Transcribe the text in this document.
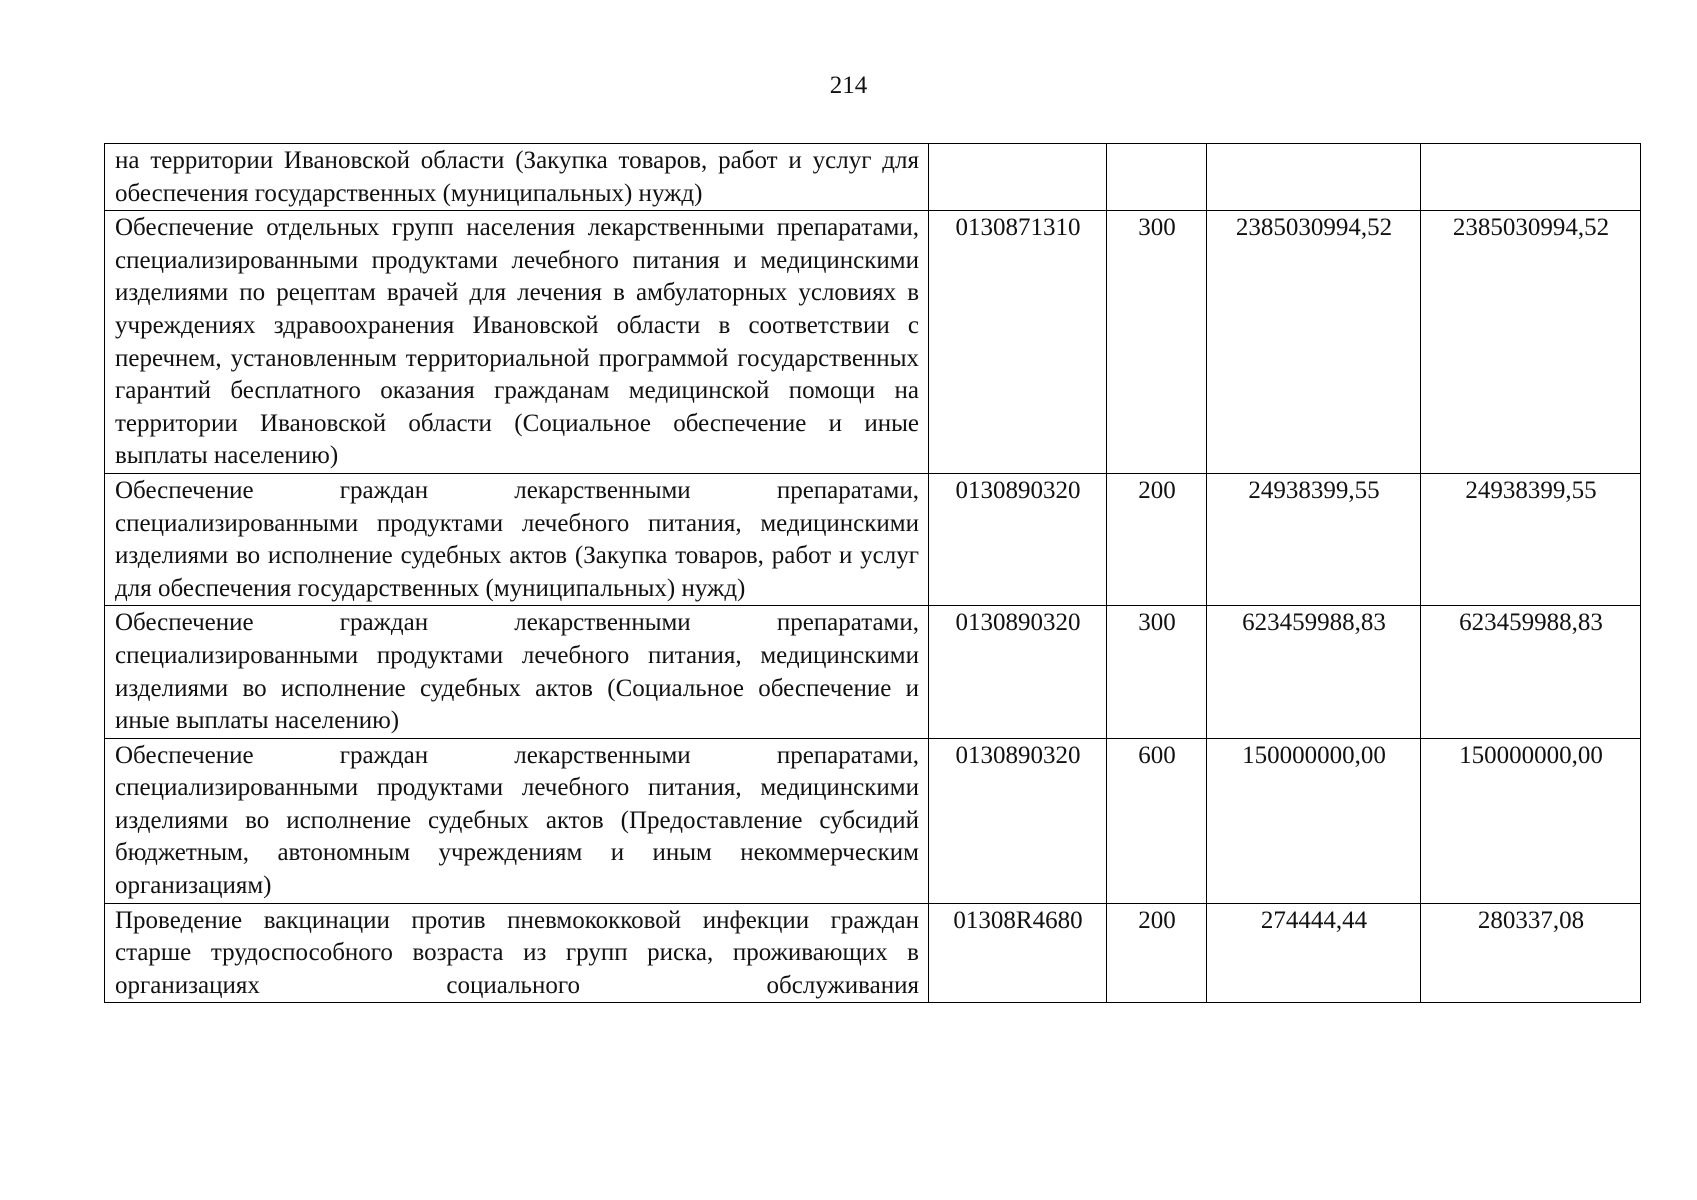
214
на территории Ивановской области (Закупка товаров, работ и услуг для обеспечения государственных (муниципальных) нужд)				
Обеспечение отдельных групп населения лекарственными препаратами, специализированными продуктами лечебного питания и медицинскими изделиями по рецептам врачей для лечения в амбулаторных условиях в учреждениях здравоохранения Ивановской области в соответствии с перечнем, установленным территориальной программой государственных гарантий бесплатного оказания гражданам медицинской помощи на территории Ивановской области (Социальное обеспечение и иные выплаты населению)	0130871310	300	2385030994,52	2385030994,52
Обеспечение граждан лекарственными препаратами, специализированными продуктами лечебного питания, медицинскими изделиями во исполнение судебных актов (Закупка товаров, работ и услуг для обеспечения государственных (муниципальных) нужд)	0130890320	200	24938399,55	24938399,55
Обеспечение граждан лекарственными препаратами, специализированными продуктами лечебного питания, медицинскими изделиями во исполнение судебных актов (Социальное обеспечение и иные выплаты населению)	0130890320	300	623459988,83	623459988,83
Обеспечение граждан лекарственными препаратами, специализированными продуктами лечебного питания, медицинскими изделиями во исполнение судебных актов (Предоставление субсидий бюджетным, автономным учреждениям и иным некоммерческим организациям)	0130890320	600	150000000,00	150000000,00
Проведение вакцинации против пневмококковой инфекции граждан старше трудоспособного возраста из групп риска, проживающих в организациях социального обслуживания	01308R4680	200	274444,44	280337,08
